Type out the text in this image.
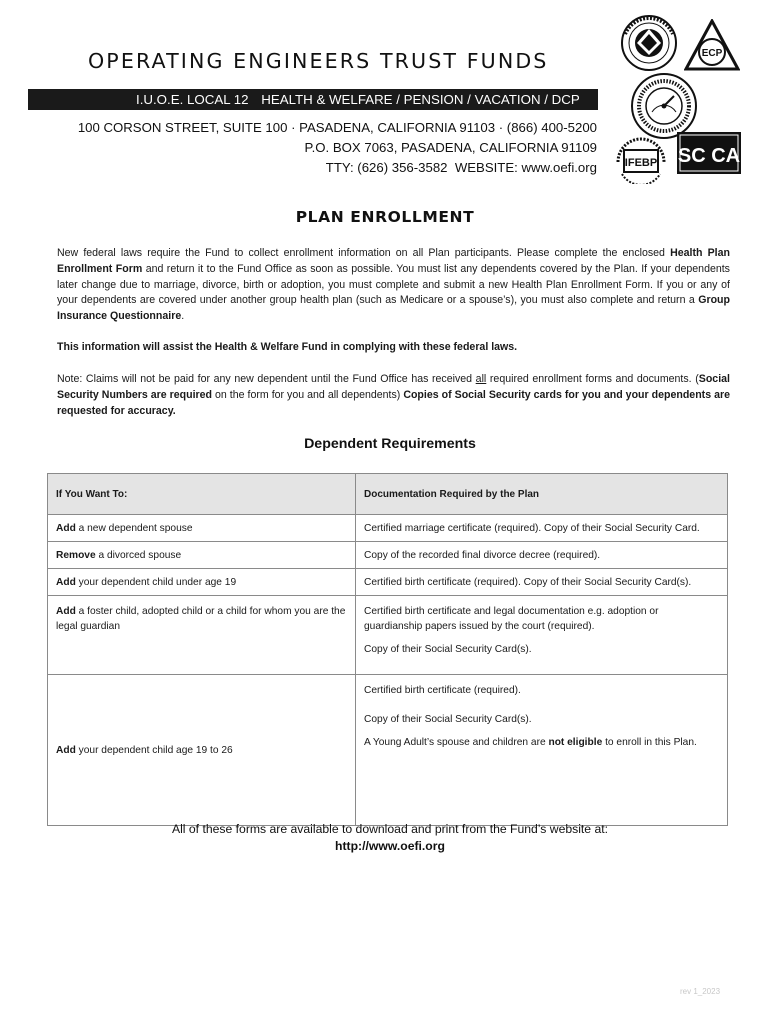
OPERATING ENGINEERS TRUST FUNDS
I.U.O.E. LOCAL 12 HEALTH & WELFARE / PENSION / VACATION / DCP
100 CORSON STREET, SUITE 100 · PASADENA, CALIFORNIA 91103 · (866) 400-5200
P.O. BOX 7063, PASADENA, CALIFORNIA 91109
TTY: (626) 356-3582 WEBSITE: www.oefi.org
ECP
IFEBP SC CA
PLAN ENROLLMENT
New federal laws require the Fund to collect enrollment information on all Plan participants. Please complete the enclosed Health Plan Enrollment Form and return it to the Fund Office as soon as possible. You must list any dependents covered by the Plan. If your dependents later change due to marriage, divorce, birth or adoption, you must complete and submit a new Health Plan Enrollment Form. If you or any of your dependents are covered under another group health plan (such as Medicare or a spouse’s), you must also complete and return a Group Insurance Questionnaire.
This information will assist the Health & Welfare Fund in complying with these federal laws.
Note: Claims will not be paid for any new dependent until the Fund Office has received all required enrollment forms and documents. (Social Security Numbers are required on the form for you and all dependents) Copies of Social Security cards for you and your dependents are requested for accuracy.
Dependent Requirements
If You Want To:	Documentation Required by the Plan
Add a new dependent spouse	Certified marriage certificate (required). Copy of their Social Security Card.
Remove a divorced spouse	Copy of the recorded final divorce decree (required).
Add your dependent child under age 19	Certified birth certificate (required). Copy of their Social Security Card(s).
Add a foster child, adopted child or a child for whom you are the legal guardian	Certified birth certificate and legal documentation e.g. adoption or guardianship papers issued by the court (required).
Copy of their Social Security Card(s).

Add your dependent child age 19 to 26	Certified birth certificate (required).
Copy of their Social Security Card(s).
A Young Adult’s spouse and children are not eligible to enroll in this Plan.
All of these forms are available to download and print from the Fund’s website at:
http://www.oefi.org
rev 1_2023
